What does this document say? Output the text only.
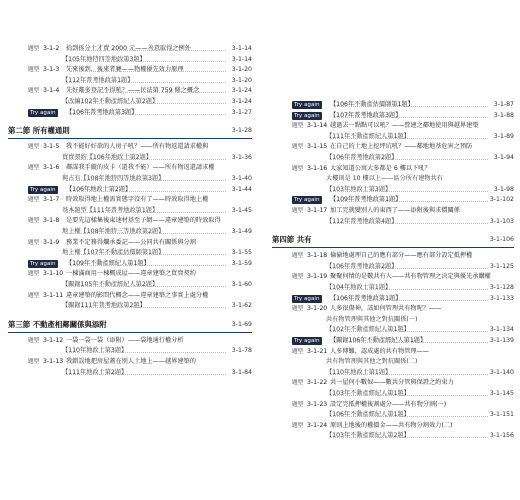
題型 3-1-2 拾到拆分土才賣 2000 元——善意取得之例外	3-1-14
【105年地特四等地政第3題】	3-1-14
題型 3-1-3 先來後到，後來者賽——物權優先效力原理	3-1-20
【112年普考地政第1題】	3-1-20
題型 3-1-4 先好鄰多登記不得吼？——民法第 759 條之概念	3-1-24
【改編102年不動產經紀人第2題】	3-1-24
Try again	【106年普考地政第3題】	3-1-27
第二節 所有權通則	3-1-28
題型 3-1-5 我不能好好欲的人房子吼？——所有物返還請求權與
買賣契約【106年地政士第2題】	3-1-36
題型 3-1-6 鄰謀我手縱的皮卡（還我不能）——所有物返還請求權
與占有【108年地特四等地政第3題】	3-1-40
Try again	【106年地政士第2題】	3-1-44
題型 3-1-7 時效取得地上權需實態字沒有了——時效取得地上權
基本題型【111年普考地政第1題】	3-1-45
題型 3-1-8 是要先這樣集後東速材基至子網——違章建築的時效取得
地上權【108年地特三等地政第2題】	3-1-49
題型 3-1-9 務業不定務得爛承委記——公同共有關係與分割
地上權【107年不動產估價師第1題】	3-1-55
Try again	【109年不動產經紀人第1題】	3-1-59
題型 3-1-10 一棟滿商用一棟概成屋——違章建築之買賣契約
【關錄105年不動產經紀人第2題】	3-1-60
題型 3-1-11 違章建築的影問代概念——違章建築之事實上處分權
【關錄111年普考地政第2題】	3-1-62
第三節 不動產相鄰關係與添附	3-1-69
題型 3-1-12 一袋一袋一袋（添附）——袋地通行權分析
【110年地政士第3題】	3-1-78
題型 3-1-13 我錯誤地把房屋蓋在別人土地上——越界建築的
【111年地政士第2題】	3-1-84
Try again	【106年不動產估價師第1題】	3-1-87
Try again	【107年普考地政第3題】	3-1-88
題型 3-1-14 越過去一點點可以吼？——營建之鄰地使用與越界建築
【111年不動產經紀人第1題】	3-1-89
題型 3-1-15 在自己的土地上挖坪坑吼？——鄰地地基危害之預防
【106年普考地政第2題】	3-1-94
題型 3-1-16 大家知道公寓大多都是 6 樓以下吼？
大樓則是 10 樓以上——區分所有建物共有
【103年地政士第3題】	3-1-98
Try again	【109年普考地政第1題】	3-1-102
題型 3-1-17 加工完就變別人的東西了——添附後與求償關係
【112年普考地政第4題】	3-1-103
第四節 共有	3-1-106
題型 3-1-18 倫偷地處理自己的應有部分——應有部分設定抵押權
【106年普考地政第2題】	3-1-125
題型 3-1-19 聚聚何情的是數共有人——共有物管理之決定與優先承購權
【104年地政士第1題】	3-1-128
Try again	【106年普考地政第1題】	3-1-133
題型 3-1-20 人多很傷神，該如何管理共有物呢？——
共有物管理與其他之對抗關係(一)
【102年不動產經紀人第1題】	3-1-134
Try again	【關錄106年不動產經紀人第1題】	3-1-139
題型 3-1-21 人多傳難，認成處的共有物管理——
共有物管理與其他之對抗關係(二)
【110年地政士第1題】	3-1-140
題型 3-1-22 共一屋何小數奴——數共分管與保證之約束力
【103年不動產經紀人第1題】	3-1-145
題型 3-1-23 設定完抵押權後割處分——共有物分割(一)
【106年不動產經紀人第1題】	3-1-151
題型 3-1-24 原則上地後的權價金——共有物分割效力(二)
【103年不動產經紀人第2題】	3-1-156
